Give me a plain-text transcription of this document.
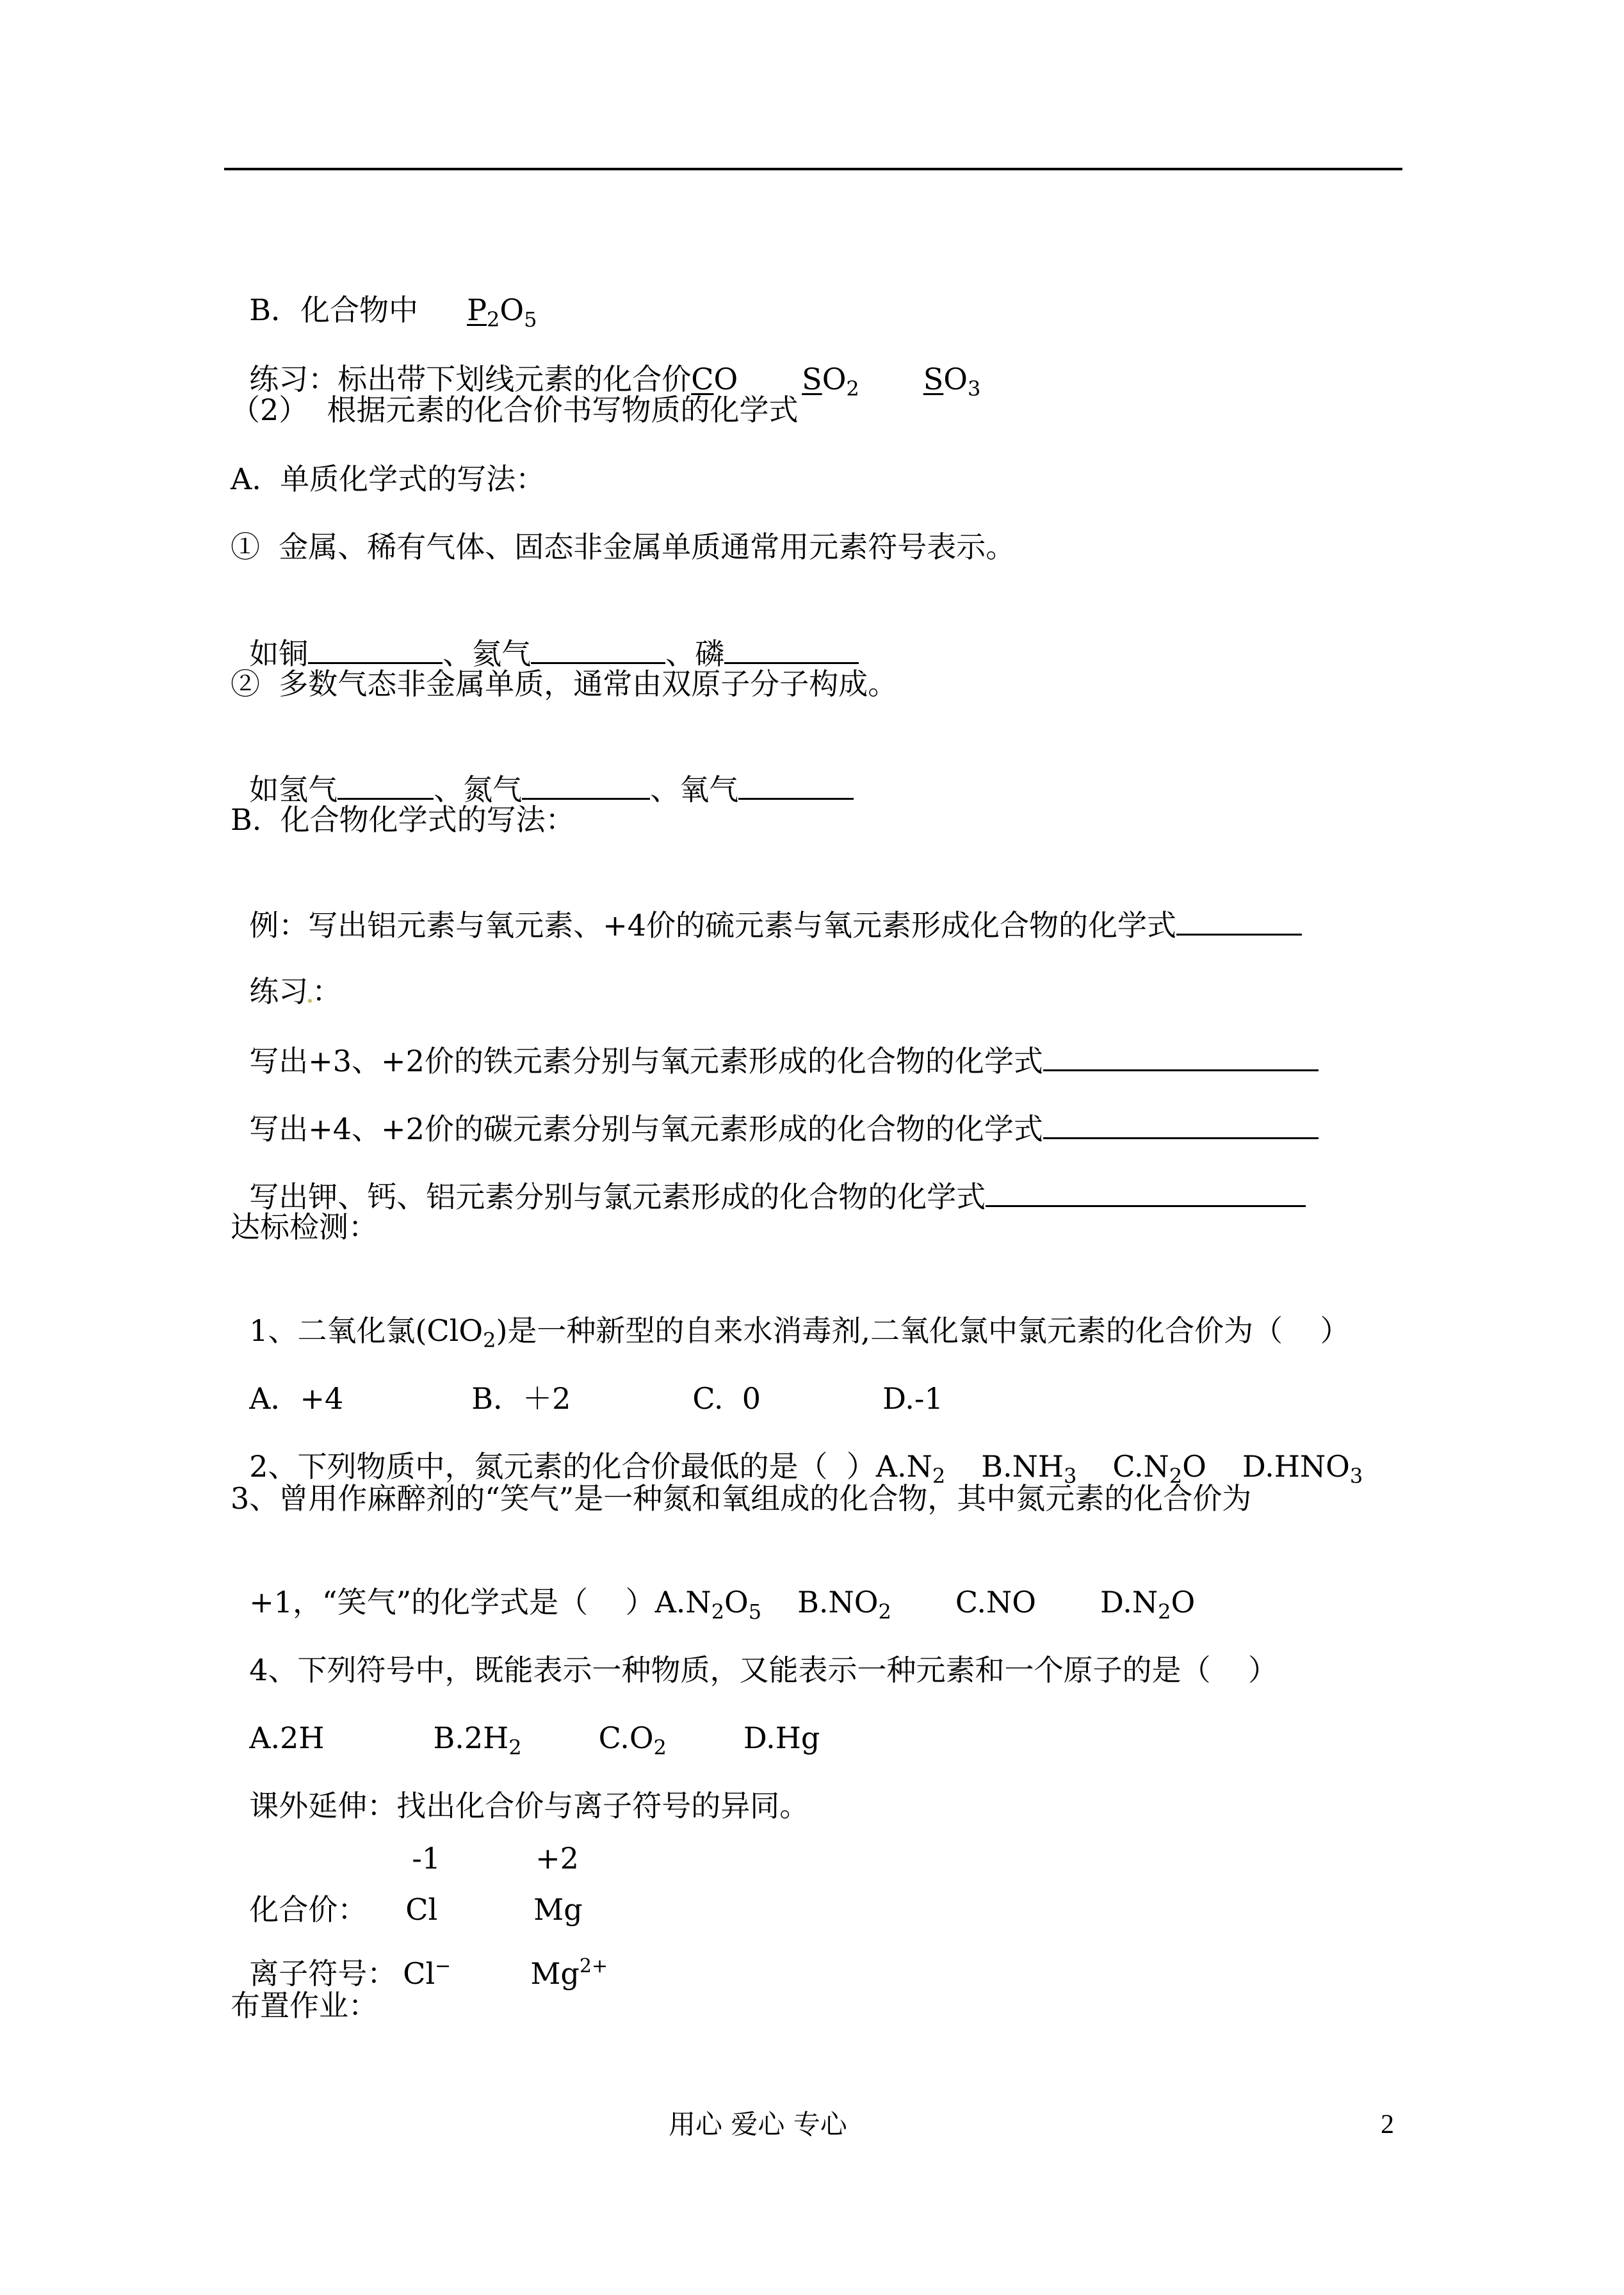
B．化合物中 $P_2O_5$

练习：标出带下划线元素的化合价CO $SO_2$ $SO_3$

（2）  根据元素的化合价书写物质的化学式
A.  单质化学式的写法：
①  金属、稀有气体、固态非金属单质通常用元素符号表示。

如铜	、氦气	、磷

②  多数气态非金属单质，通常由双原子分子构成。

如氢气	、氮气	、氧气

B.  化合物化学式的写法：

例：写出铝元素与氧元素、+4价的硫元素与氧元素形成化合物的化学式

练习 ：

写出+3、+2价的铁元素分别与氧元素形成的化合物的化学式

写出+4、+2价的碳元素分别与氧元素形成的化合物的化学式

写出钾、钙、铝元素分别与氯元素形成的化合物的化学式

达标检测：

1、二氧化氯(ClO$_2$)是一种新型的自来水消毒剂,二氧化氯中氯元素的化合价为（    ）

A．+4	B．＋2	C.  0	D.-1

2、下列物质中，氮元素的化合价最低的是（  ）$A.N_2$ $B.NH_3$ $C.N_2O$ $D.HNO_3$

3、曾用作麻醉剂的“笑气”是一种氮和氧组成的化合物，其中氮元素的化合价为

+1，“笑气”的化学式是（    ）$A.N_2O_5$ $B.NO_2$ C.NO $D.N_2O$

4、下列符号中，既能表示一种物质，又能表示一种元素和一个原子的是（    ）

A.2H	$B.2H_2$	$C.O_2$	D.Hg

课外延伸：找出化合价与离子符号的异同。

-1	+2

化合价： Cl	Mg

离子符号： Cl−	$Mg^{2+}$

布置作业：
用心 爱心 专心	2
